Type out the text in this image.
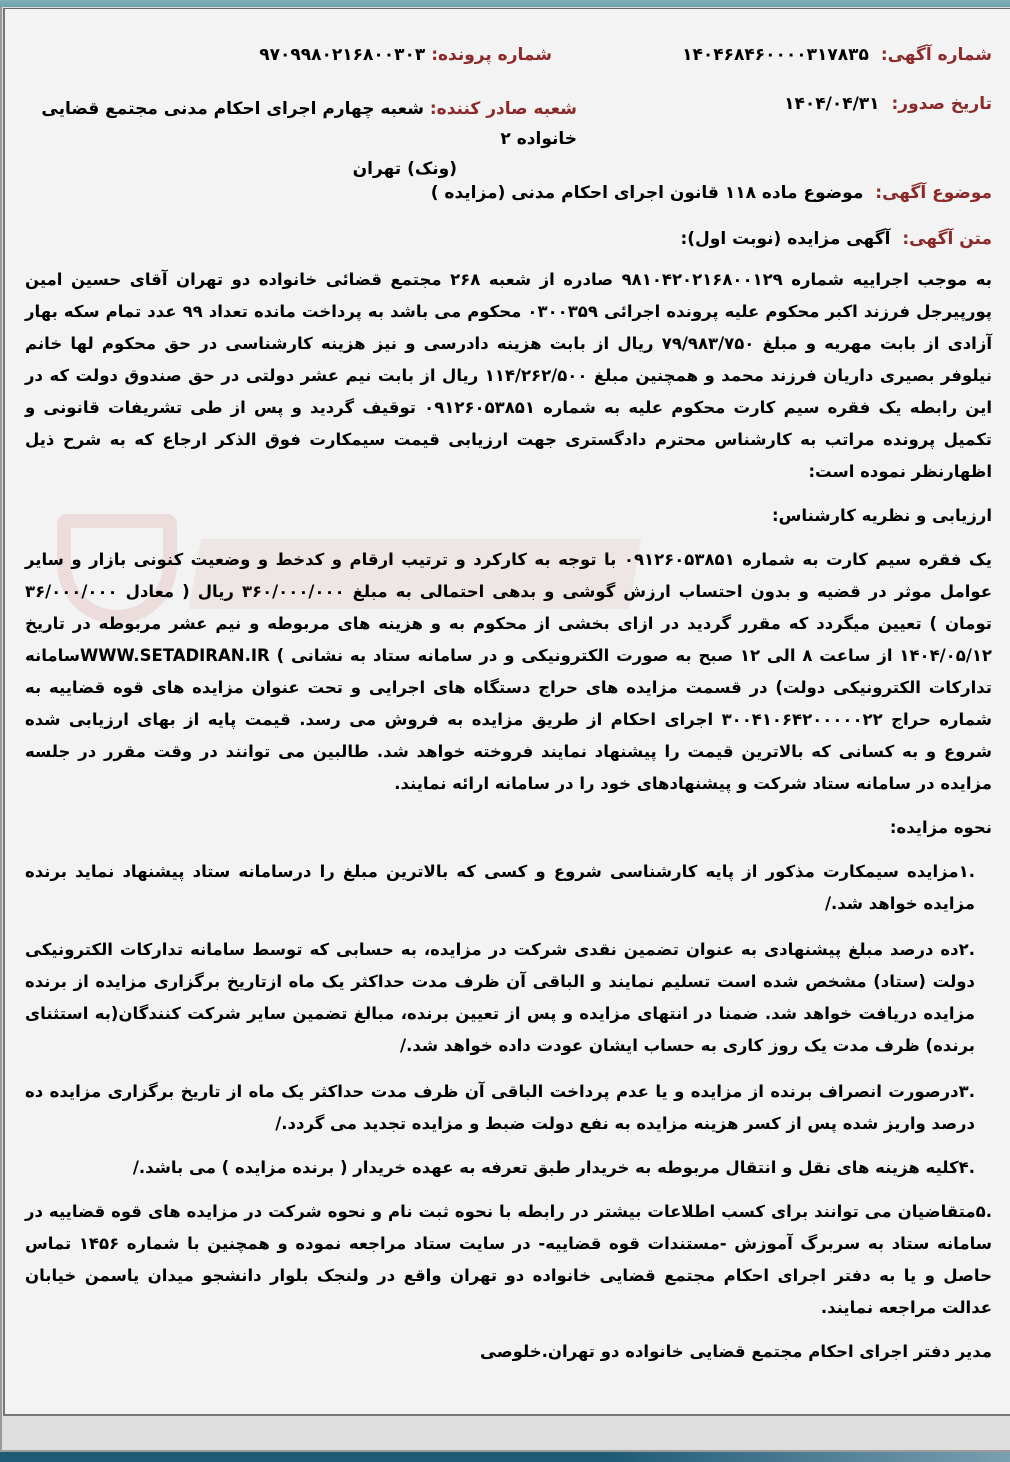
شماره آگهی: ۱۴۰۴۶۸۴۶۰۰۰۰۳۱۷۸۳۵
شماره پرونده: ۹۷۰۹۹۸۰۲۱۶۸۰۰۳۰۳
تاریخ صدور: ۱۴۰۴/۰۴/۳۱
شعبه صادر کننده: شعبه چهارم اجرای احکام مدنی مجتمع قضایی خانواده ۲
(ونک) تهران
موضوع آگهی: موضوع ماده ۱۱۸ قانون اجرای احکام مدنی (مزایده )
متن آگهی: آگهی مزایده (نوبت اول):

به موجب اجراییه شماره ۹۸۱۰۴۲۰۲۱۶۸۰۰۱۲۹ صادره از شعبه ۲۶۸ مجتمع قضائی خانواده دو تهران آقای حسین امین پورپیرجل فرزند اکبر محکوم علیه پرونده اجرائی ۰۳۰۰۳۵۹ محکوم می باشد به پرداخت مانده تعداد ۹۹ عدد تمام سکه بهار آزادی از بابت مهریه و مبلغ ۷۹/۹۸۳/۷۵۰ ریال از بابت هزینه دادرسی و نیز هزینه کارشناسی در حق محکوم لها خانم نیلوفر بصیری داریان فرزند محمد و همچنین مبلغ ۱۱۴/۲۶۲/۵۰۰ ریال از بابت نیم عشر دولتی در حق صندوق دولت که در این رابطه یک فقره سیم کارت محکوم علیه به شماره ۰۹۱۲۶۰۵۳۸۵۱ توقیف گردید و پس از طی تشریفات قانونی و تکمیل پرونده مراتب به کارشناس محترم دادگستری جهت ارزیابی قیمت سیمکارت فوق الذکر ارجاع که به شرح ذیل اظهارنظر نموده است:

ارزیابی و نظریه کارشناس:

یک فقره سیم کارت به شماره ۰۹۱۲۶۰۵۳۸۵۱ با توجه به کارکرد و ترتیب ارقام و کدخط و وضعیت کنونی بازار و سایر عوامل موثر در قضیه و بدون احتساب ارزش گوشی و بدهی احتمالی به مبلغ ۳۶۰/۰۰۰/۰۰۰ ریال ( معادل ۳۶/۰۰۰/۰۰۰ تومان ) تعیین میگردد که مقرر گردید در ازای بخشی از محکوم به و هزینه های مربوطه و نیم عشر مربوطه در تاریخ ۱۴۰۴/۰۵/۱۲ از ساعت ۸ الی ۱۲ صبح به صورت الکترونیکی و در سامانه ستاد به نشانی ) WWW.SETADIRAN.IRسامانه تدارکات الکترونیکی دولت) در قسمت مزایده های حراج دستگاه های اجرایی و تحت عنوان مزایده های قوه قضاییه به شماره حراج ۳۰۰۴۱۰۶۴۲۰۰۰۰۰۲۲ اجرای احکام از طریق مزایده به فروش می رسد. قیمت پایه از بهای ارزیابی شده شروع و به کسانی که بالاترین قیمت را پیشنهاد نمایند فروخته خواهد شد. طالبین می توانند در وقت مقرر در جلسه مزایده در سامانه ستاد شرکت و پیشنهادهای خود را در سامانه ارائه نمایند.

نحوه مزایده:

.۱مزایده سیمکارت مذکور از پایه کارشناسی شروع و کسی که بالاترین مبلغ را درسامانه ستاد پیشنهاد نماید برنده مزایده خواهد شد./

.۲ده درصد مبلغ پیشنهادی به عنوان تضمین نقدی شرکت در مزایده، به حسابی که توسط سامانه تدارکات الکترونیکی دولت (ستاد) مشخص شده است تسلیم نمایند و الباقی آن ظرف مدت حداکثر یک ماه ازتاریخ برگزاری مزایده از برنده مزایده دریافت خواهد شد. ضمنا در انتهای مزایده و پس از تعیین برنده، مبالغ تضمین سایر شرکت کنندگان(به استثنای برنده) ظرف مدت یک روز کاری به حساب ایشان عودت داده خواهد شد./

.۳درصورت انصراف برنده از مزایده و یا عدم پرداخت الباقی آن ظرف مدت حداکثر یک ماه از تاریخ برگزاری مزایده ده درصد واریز شده پس از کسر هزینه مزایده به نفع دولت ضبط و مزایده تجدید می گردد./

.۴کلیه هزینه های نقل و انتقال مربوطه به خریدار طبق تعرفه به عهده خریدار ( برنده مزایده ) می باشد./

.۵متقاضیان می توانند برای کسب اطلاعات بیشتر در رابطه با نحوه ثبت نام و نحوه شرکت در مزایده های قوه قضاییه در سامانه ستاد به سربرگ آموزش -مستندات قوه قضاییه- در سایت ستاد مراجعه نموده و همچنین با شماره ۱۴۵۶ تماس حاصل و یا به دفتر اجرای احکام مجتمع قضایی خانواده دو تهران واقع در ولنجک بلوار دانشجو میدان یاسمن خیابان عدالت مراجعه نمایند.

مدیر دفتر اجرای احکام مجتمع قضایی خانواده دو تهران.خلوصی
